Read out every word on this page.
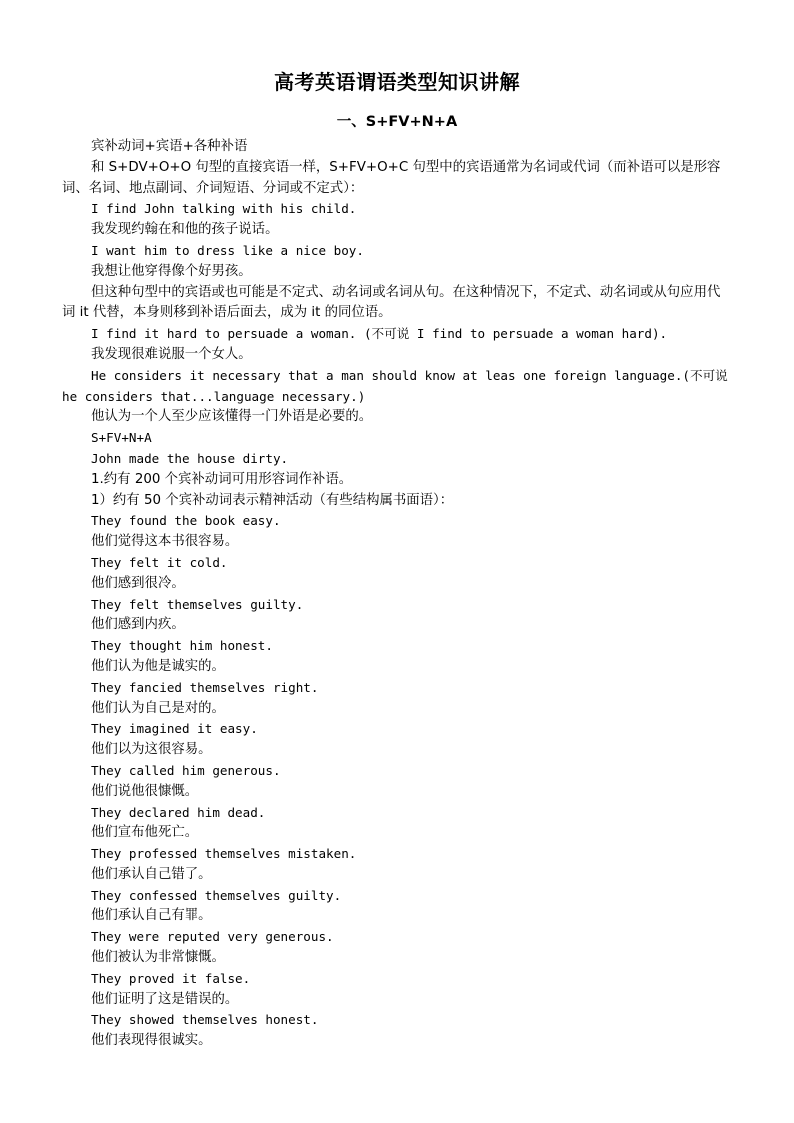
高考英语谓语类型知识讲解
一、S+FV+N+A

宾补动词+宾语+各种补语

和 S+DV+O+O 句型的直接宾语一样，S+FV+O+C 句型中的宾语通常为名词或代词（而补语可以是形容词、名词、地点副词、介词短语、分词或不定式）：

I find John talking with his child.

我发现约翰在和他的孩子说话。

I want him to dress like a nice boy.

我想让他穿得像个好男孩。

但这种句型中的宾语或也可能是不定式、动名词或名词从句。在这种情况下，不定式、动名词或从句应用代词 it 代替，本身则移到补语后面去，成为 it 的同位语。

I find it hard to persuade a woman. (不可说 I find to persuade a woman hard).

我发现很难说服一个女人。

He considers it necessary that a man should know at leas one foreign language.(不可说 he considers that...language necessary.)

他认为一个人至少应该懂得一门外语是必要的。

S+FV+N+A

John made the house dirty.

1.约有 200 个宾补动词可用形容词作补语。

1）约有 50 个宾补动词表示精神活动（有些结构属书面语）：

They found the book easy.

他们觉得这本书很容易。

They felt it cold.

他们感到很冷。

They felt themselves guilty.

他们感到内疚。

They thought him honest.

他们认为他是诚实的。

They fancied themselves right.

他们认为自己是对的。

They imagined it easy.

他们以为这很容易。

They called him generous.

他们说他很慷慨。

They declared him dead.

他们宣布他死亡。

They professed themselves mistaken.

他们承认自己错了。

They confessed themselves guilty.

他们承认自己有罪。

They were reputed very generous.

他们被认为非常慷慨。

They proved it false.

他们证明了这是错误的。

They showed themselves honest.

他们表现得很诚实。
